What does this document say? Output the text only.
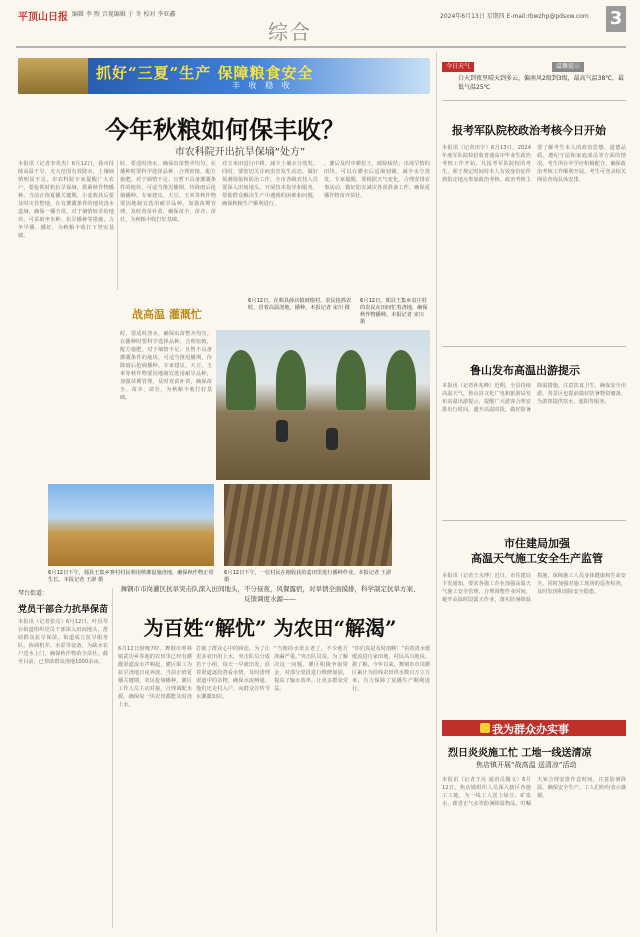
平顶山日报 编辑 李 煦 音视编辑 于 冬 校对 李亚鑫
综合
2024年6月13日 星期四 E-mail:rbwzhp@pdsxw.com 3
抓好“三夏”生产 保障粮食安全
丰 收 稳 收
今年秋粮如何保丰收？
市农科院开出抗旱保墒“处方”
本报讯（记者李英杰）6月12日，我市持续高温干旱，无大范围有效降水，土壤墒情明显不足。市农科院专家提醒广大农户，要抢抓时机抗旱保墒，抓紧秋作物播种。当前正值夏播关键期，小麦收获后要及时灭茬整地，在有灌溉条件的地块浇水造墒，确保一播全苗。对于墒情较差的地块，可采取坐水种、抗旱播种等措施，力争早播、播好，为秋粮丰收打下坚实基础。
时，要适时浇水，确保出苗整齐均匀。在播种时要科学选择品种，合理密植，配方施肥。对于墒情不足、且暂不具备灌溉条件的地块，可适当推迟播期，待降雨后抢墒播种。专家建议，大豆、玉米等秋作物要因地制宜选用耐旱品种，加强苗期管理，及时查苗补苗，确保苗全、苗齐、苗壮，为秋粮丰收打好基础。
对玉米田进行中耕，减少土壤水分蒸发。同时，要密切关注病虫害发生动态，做好预测预报和防治工作。全市各级农技人员要深入田间地头，开展技术指导和服务，帮助群众解决生产中遇到的困难和问题，确保秋粮生产顺利进行。
，灌后及时中耕松土，破除板结；出现旱情的田块，可以在灌水后适墒划锄，减少水分蒸发。专家提醒，要根据天气变化，合理安排农事活动，做好防灾减灾各项准备工作，确保夏播作物苗齐苗壮。
时，要适时浇水，确保出苗整齐均匀。在播种时要科学选择品种，合理密植，配方施肥。对于墒情不足、且暂不具备灌溉条件的地块，可适当推迟播期，待降雨后抢墒播种。专家建议，大豆、玉米等秋作物要因地制宜选用耐旱品种，加强苗期管理，及时查苗补苗，确保苗全、苗齐、苗壮，为秋粮丰收打好基础。
战高温 灌溉忙
6月12日，在郏县薛店镇坡根村，农民抢抓农时，冒着高温浇地、播种。本报记者 宋川 摄
6月12日，郏县王集乡袁庄村的农民在田间忙着浇地，确保秋作物播种。本报记者 宋川 摄
6月12日下午，郏县王集乡赛村村民利用喷灌设施浇地，确保秋作物正常生长。本报记者 王澎 摄
6月12日下午，一位村民在刚收获的麦田里进行播种作业。本报记者 王澎 摄
琴台街道：
党员干部合力抗旱保苗
本报讯（记者张亮）6月12日，叶县琴台街道组织党员干部深入田间地头，帮助群众抗旱保苗。街道成立抗旱服务队，协调机井、水泵等设备，为缺水农户送水上门，确保秋作物苗全苗壮。截至目前，已帮助群众浇地1000余亩。
舞钢市市岗灌区抗旱突击队深入田间地头，不分昼夜，风餐露宿，对旱情全面摸排，科学制定抗旱方案、反馈调度水源——
为百姓“解忧” 为农田“解渴”
6月12日傍晚7时，舞钢市枣林镇武功乡等地的农田里已经有灌溉渠道流水声响起，灌区职工为抗旱浇地日夜奔波。当前正值夏播关键期，农民抢墒播种，灌区工作人员主动对接，合理调配水源，确保每一块农田都能及时浇上水。
打破了群众心中的顾虑。为了让更多农田用上水，突击队员分成若干小组，每天一早就出发，沿着渠道逐段查看水情，及时清理渠道中的杂物，确保水流畅通。他们还走村入户，向群众宣传节水灌溉知识。
“当地的水渠太老了，不少地方渗漏严重。”突击队员说。为了解决这一问题，灌区积极争取资金，对部分渠段进行维修加固，提高了输水效率，让更多群众受益。
“你们真是及时雨啊！”看着清水缓缓流进自家田地，村民高兴地说。据了解，今年以来，舞钢市市岗灌区累计为沿线农田供水数百万立方米，有力保障了夏播生产顺利进行。
今日天气	温馨提示
白天到夜里晴天到多云，偏南风2级到3级，最高气温38℃，最低气温25℃
报考军队院校政治考核今日开始
本报讯（记者田宇）6月13日，2024年度军队院校招收普通高中毕业生政治考核工作开始。凡报考军队院校的考生，须于规定时间持本人有效身份证件到指定地点参加政治考核。政治考核主要了解考生本人的政治思想、道德品质、遵纪守法和家庭成员等方面的情况。考生所在中学应积极配合，确保政治考核工作顺利开展。考生可登录相关网站查询具体安排。
鲁山发布高温出游提示
本报讯（记者孙兆峰）近期，全县持续高温天气，鲁山县文化广电和旅游局发布高温出游提示，提醒广大游客合理安排出行时间，避开高温时段，做好防暑降温措施，注意饮食卫生，确保安全出游。各景区也提前做好防暑物资储备，为游客提供饮水、遮阳等服务。
市住建局加强
高温天气施工安全生产监管
本报讯（记者王永博）近日，市住建局下发通知，要求各施工企业加强高温天气施工安全管理，合理调整作业时间，避开高温时段露天作业，落实防暑降温措施，保障施工人员身体健康和生命安全。同时加强对施工现场的巡查检查，及时发现和消除安全隐患。
我为群众办实事
烈日炎炎施工忙 工地一线送清凉
焦店镇开展“战高温 送清凉”活动
本报讯（记者王亮 通讯员魏文）6月12日，焦店镇组织人员深入辖区各施工工地，为一线工人送上绿豆、矿泉水、藿香正气水等防暑降温物品，叮嘱大家合理安排作息时间，注意防暑降温，确保安全生产。工人们纷纷表示感谢。
